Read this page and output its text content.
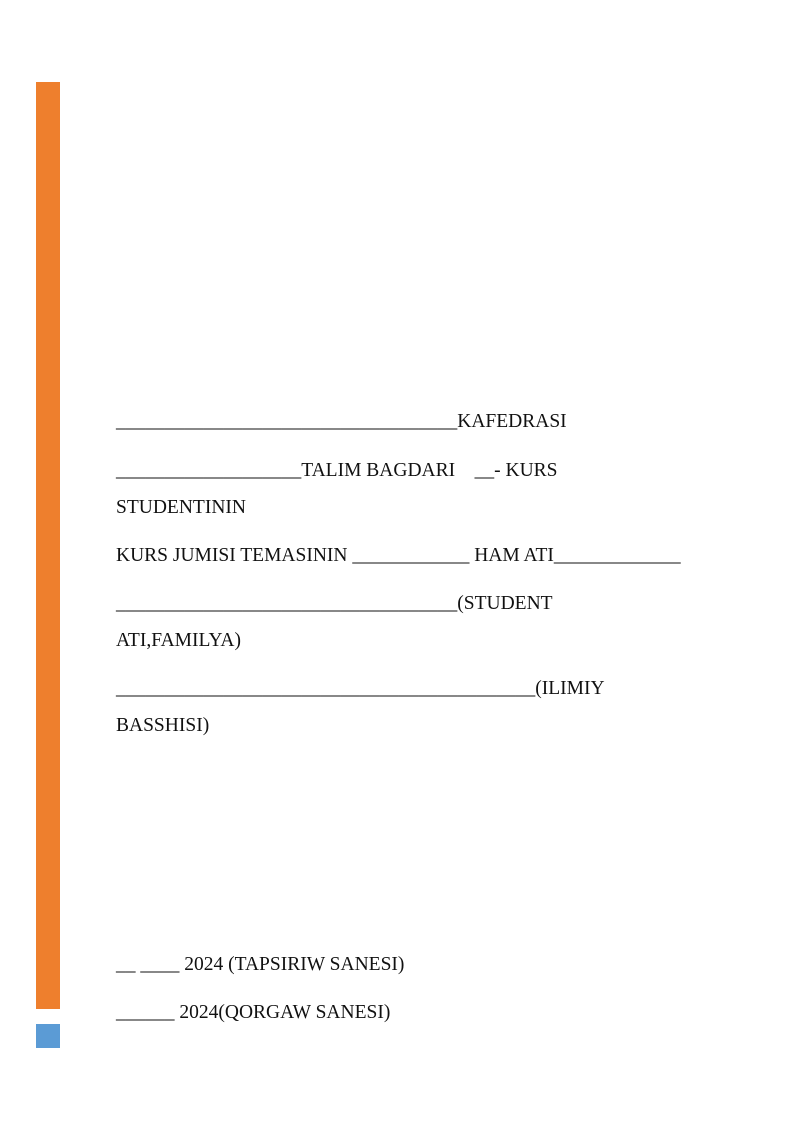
___________________________________KAFEDRASI
___________________TALIM BAGDARI    __- KURS
STUDENTININ
KURS JUMISI TEMASININ ____________ HAM ATI_____________
___________________________________(STUDENT
ATI,FAMILYA)
___________________________________________(ILIMIY
BASSHISI)
__ ____ 2024 (TAPSIRIW SANESI)
______ 2024(QORGAW SANESI)
